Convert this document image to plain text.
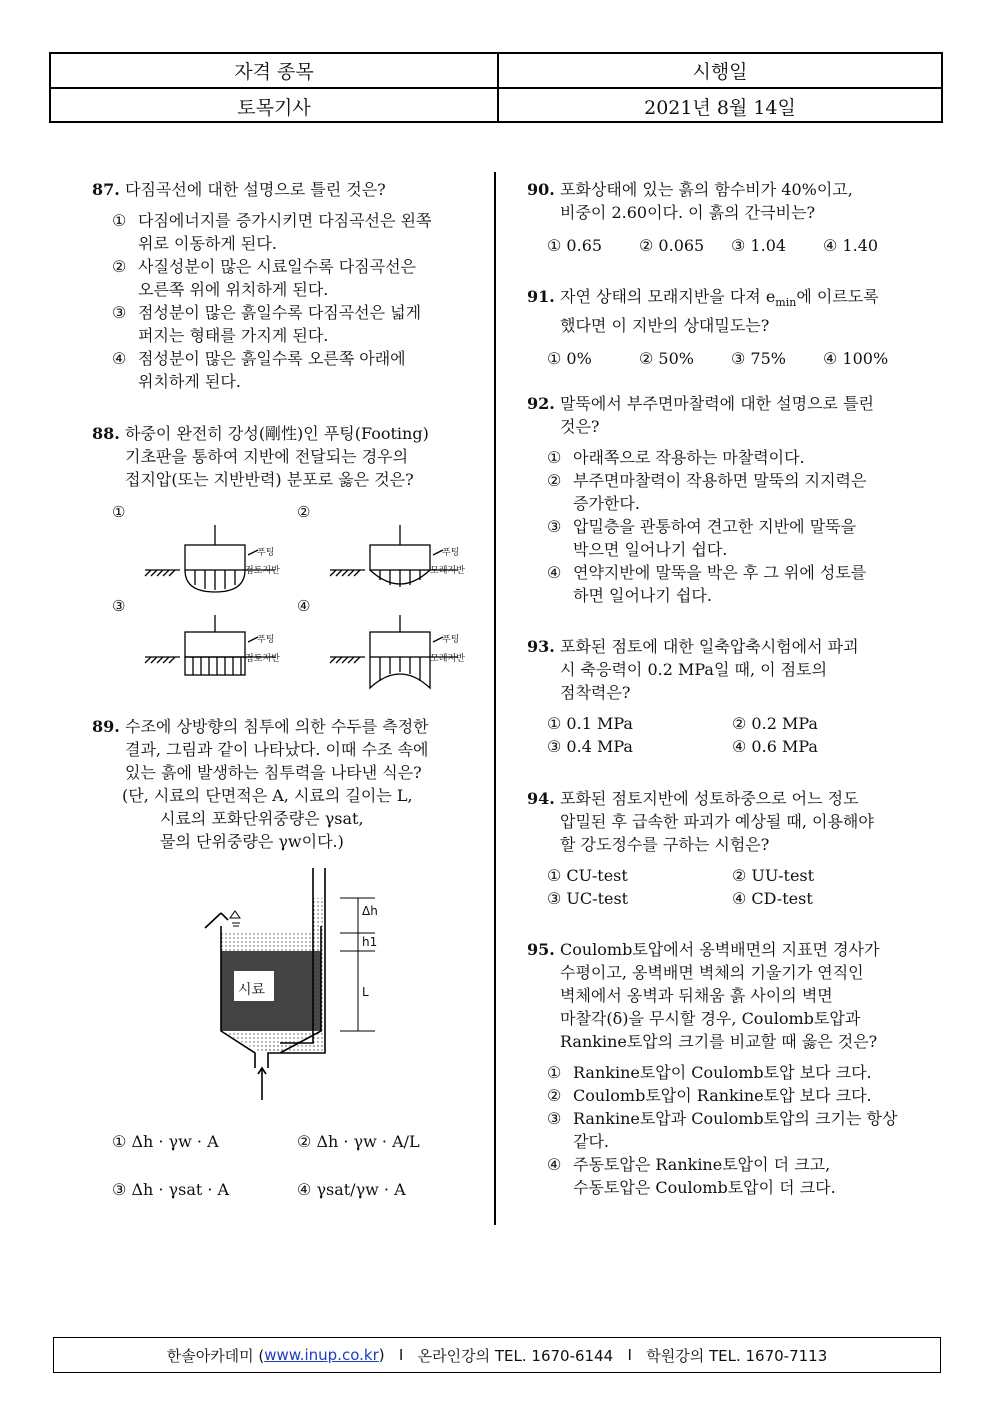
자격 종목	시행일
토목기사	2021년 8월 14일
87. 다짐곡선에 대한 설명으로 틀린 것은?
① 다짐에너지를 증가시키면 다짐곡선은 왼쪽
위로 이동하게 된다.
② 사질성분이 많은 시료일수록 다짐곡선은
오른쪽 위에 위치하게 된다.
③ 점성분이 많은 흙일수록 다짐곡선은 넓게
퍼지는 형태를 가지게 된다.
④ 점성분이 많은 흙일수록 오른쪽 아래에
위치하게 된다.
88. 하중이 완전히 강성(剛性)인 푸팅(Footing)
기초판을 통하여 지반에 전달되는 경우의
접지압(또는 지반반력) 분포로 옳은 것은?
①	②
③	④
푸팅
점토지반
푸팅
모래지반
푸팅
점토지반
푸팅
모래지반
89. 수조에 상방향의 침투에 의한 수두를 측정한
결과, 그림과 같이 나타났다. 이때 수조 속에
있는 흙에 발생하는 침투력을 나타낸 식은?
(단, 시료의 단면적은 A, 시료의 길이는 L,
시료의 포화단위중량은 γsat,
물의 단위중량은 γw이다.)
시료
Δh
h1
L
① Δh · γw · A	② Δh · γw · A/L
③ Δh · γsat · A	④ γsat/γw · A
90. 포화상태에 있는 흙의 함수비가 40%이고,
비중이 2.60이다. 이 흙의 간극비는?
① 0.65	② 0.065	③ 1.04	④ 1.40
91. 자연 상태의 모래지반을 다져 $e_{min}$에 이르도록
했다면 이 지반의 상대밀도는?
① 0%	② 50%	③ 75%	④ 100%
92. 말뚝에서 부주면마찰력에 대한 설명으로 틀린
것은?
① 아래쪽으로 작용하는 마찰력이다.
② 부주면마찰력이 작용하면 말뚝의 지지력은
증가한다.
③ 압밀층을 관통하여 견고한 지반에 말뚝을
박으면 일어나기 쉽다.
④ 연약지반에 말뚝을 박은 후 그 위에 성토를
하면 일어나기 쉽다.
93. 포화된 점토에 대한 일축압축시험에서 파괴
시 축응력이 0.2 MPa일 때, 이 점토의
점착력은?
① 0.1 MPa	② 0.2 MPa
③ 0.4 MPa	④ 0.6 MPa
94. 포화된 점토지반에 성토하중으로 어느 정도
압밀된 후 급속한 파괴가 예상될 때, 이용해야
할 강도정수를 구하는 시험은?
① CU-test	② UU-test
③ UC-test	④ CD-test
95. Coulomb토압에서 옹벽배면의 지표면 경사가
수평이고, 옹벽배면 벽체의 기울기가 연직인
벽체에서 옹벽과 뒤채움 흙 사이의 벽면
마찰각(δ)을 무시할 경우, Coulomb토압과
Rankine토압의 크기를 비교할 때 옳은 것은?
① Rankine토압이 Coulomb토압 보다 크다.
② Coulomb토압이 Rankine토압 보다 크다.
③ Rankine토압과 Coulomb토압의 크기는 항상
같다.
④ 주동토압은 Rankine토압이 더 크고,
수동토압은 Coulomb토압이 더 크다.
한솔아카데미 ( www.inup.co.kr )
I
온라인강의 TEL. 1670-6144
I
학원강의 TEL. 1670-7113
